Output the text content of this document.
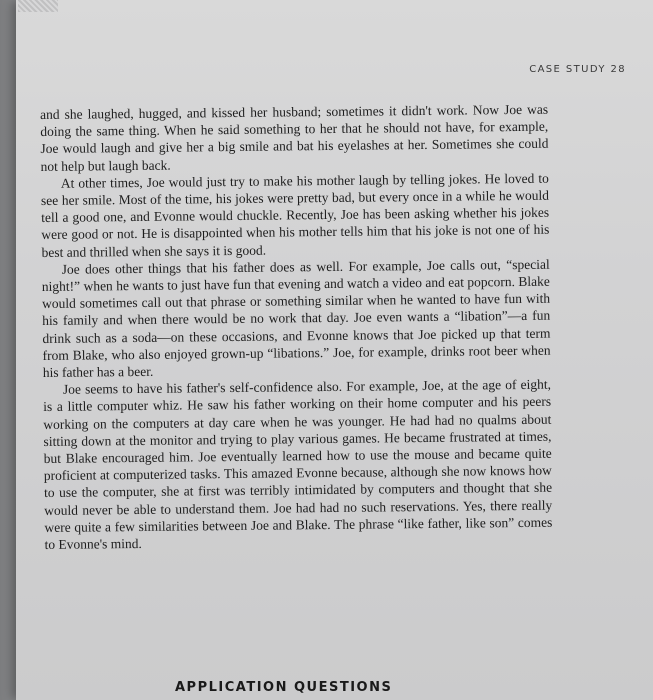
CASE STUDY 28

and she laughed, hugged, and kissed her husband; sometimes it didn't work. Now Joe was doing the same thing. When he said something to her that he should not have, for example, Joe would laugh and give her a big smile and bat his eyelashes at her. Sometimes she could not help but laugh back.

At other times, Joe would just try to make his mother laugh by telling jokes. He loved to see her smile. Most of the time, his jokes were pretty bad, but every once in a while he would tell a good one, and Evonne would chuckle. Recently, Joe has been asking whether his jokes were good or not. He is disappointed when his mother tells him that his joke is not one of his best and thrilled when she says it is good.

Joe does other things that his father does as well. For example, Joe calls out, “special night!” when he wants to just have fun that evening and watch a video and eat popcorn. Blake would sometimes call out that phrase or something similar when he wanted to have fun with his family and when there would be no work that day. Joe even wants a “libation”—a fun drink such as a soda—on these occasions, and Evonne knows that Joe picked up that term from Blake, who also enjoyed grown-up “libations.” Joe, for example, drinks root beer when his father has a beer.

Joe seems to have his father's self-confidence also. For example, Joe, at the age of eight, is a little computer whiz. He saw his father working on their home computer and his peers working on the computers at day care when he was younger. He had had no qualms about sitting down at the monitor and trying to play various games. He became frustrated at times, but Blake encouraged him. Joe eventually learned how to use the mouse and became quite proficient at computerized tasks. This amazed Evonne because, although she now knows how to use the computer, she at first was terribly intimidated by computers and thought that she would never be able to understand them. Joe had had no such reservations. Yes, there really were quite a few similarities between Joe and Blake. The phrase “like father, like son” comes to Evonne's mind.

APPLICATION QUESTIONS
